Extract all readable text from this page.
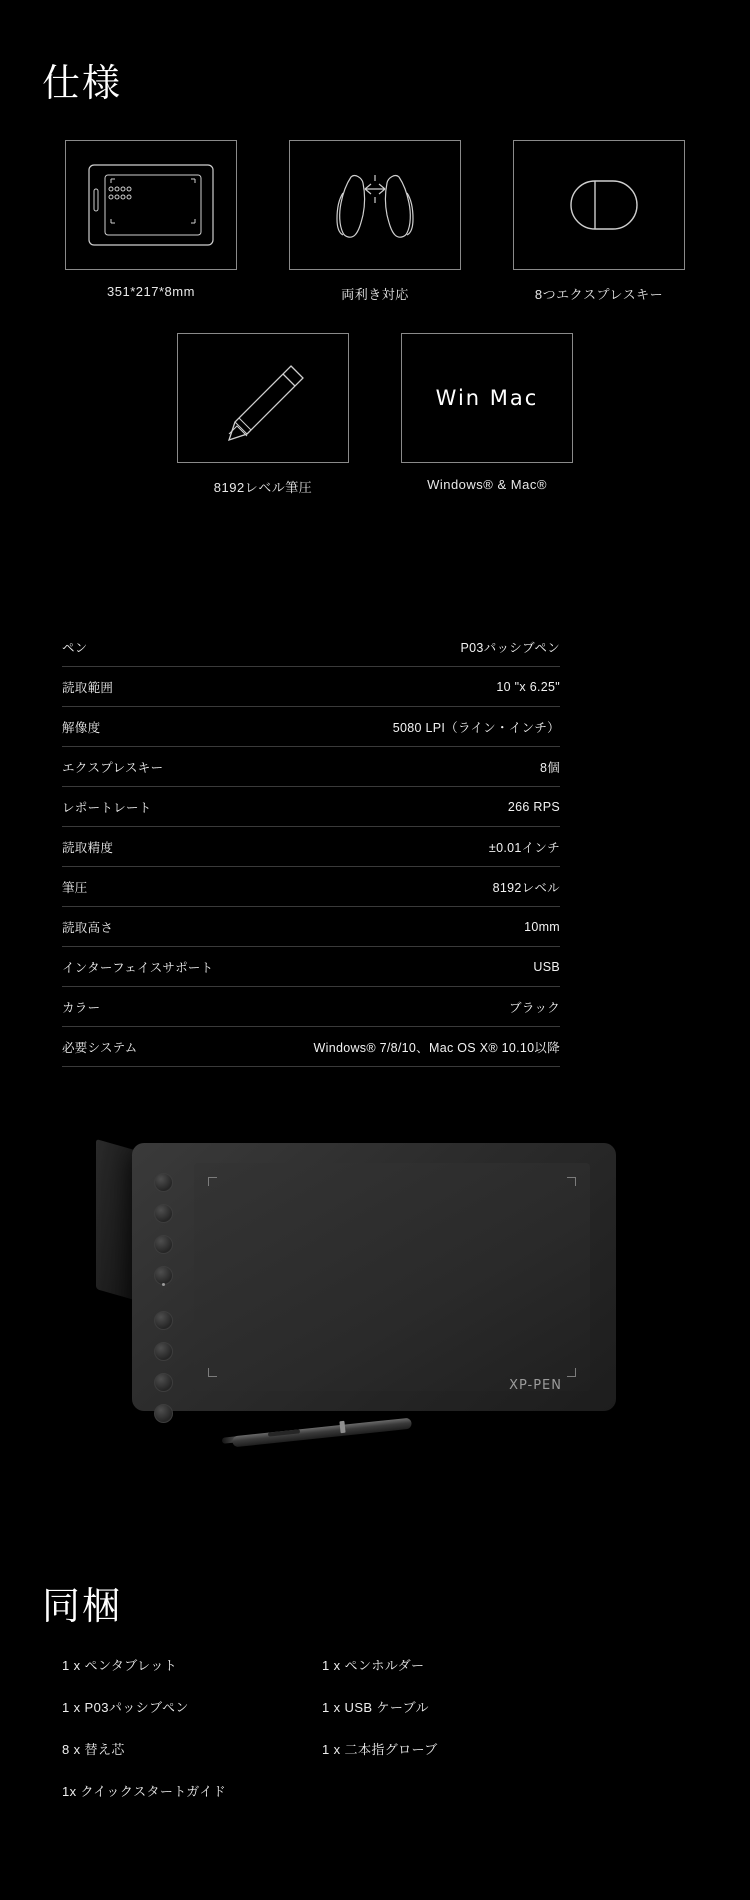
仕様
351*217*8mm	両利き対応	8つエクスプレスキー
8192レベル筆圧
Win Mac
Windows® & Mac®
ペン	P03パッシブペン
読取範囲	10 "x 6.25"
解像度	5080 LPI（ライン・インチ）
エクスプレスキー	8個
レポートレート	266 RPS
読取精度	±0.01インチ
筆圧	8192レベル
読取高さ	10mm
インターフェイスサポート	USB
カラー	ブラック
必要システム	Windows® 7/8/10、Mac OS X® 10.10以降
XP-PEN
同梱
1 x ペンタブレット
1 x P03パッシブペン
8 x 替え芯
1x クイックスタートガイド
1 x ペンホルダー
1 x USB ケーブル
1 x 二本指グローブ
